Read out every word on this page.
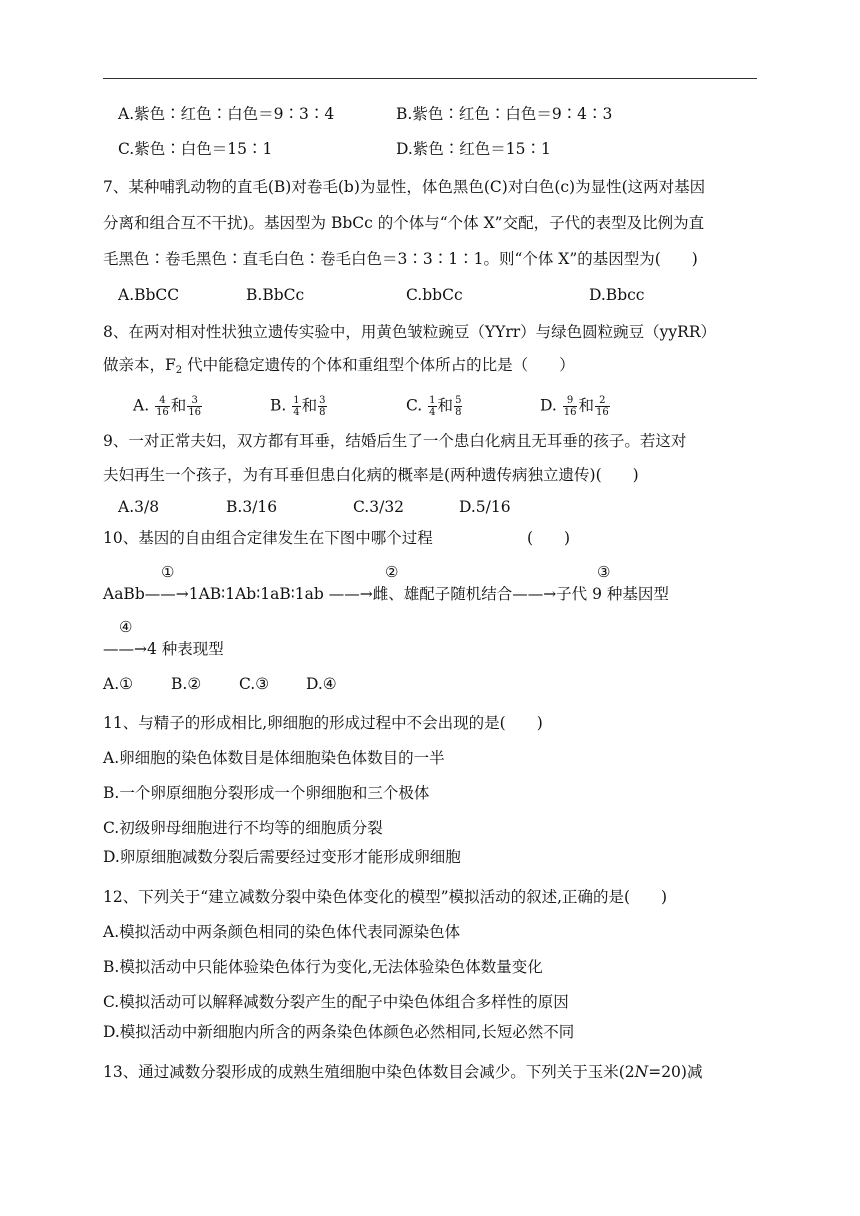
A.紫色∶红色∶白色＝9∶3∶4	B.紫色∶红色∶白色＝9∶4∶3
C.紫色∶白色＝15∶1	D.紫色∶红色＝15∶1
7、某种哺乳动物的直毛(B)对卷毛(b)为显性，体色黑色(C)对白色(c)为显性(这两对基因
分离和组合互不干扰)。基因型为 BbCc 的个体与“个体 X”交配，子代的表型及比例为直
毛黑色∶卷毛黑色∶直毛白色∶卷毛白色＝3∶3∶1∶1。则“个体 X”的基因型为(　　)
A.BbCC	B.BbCc	C.bbCc	D.Bbcc
8、在两对相对性状独立遗传实验中，用黄色皱粒豌豆（YYrr）与绿色圆粒豌豆（yyRR）
做亲本，$F_2$ 代中能稳定遗传的个体和重组型个体所占的比是（　　）
A. $\frac{4}{16}$ 和 $\frac{3}{16}$	B. $\frac{1}{4}$ 和 $\frac{3}{8}$	C. $\frac{1}{4}$ 和 $\frac{5}{8}$	D. $\frac{9}{16}$ 和 $\frac{2}{16}$
9、一对正常夫妇，双方都有耳垂，结婚后生了一个患白化病且无耳垂的孩子。若这对
夫妇再生一个孩子，为有耳垂但患白化病的概率是(两种遗传病独立遗传)(　　)
A.3/8	B.3/16	C.3/32	D.5/16
10、基因的自由组合定律发生在下图中哪个过程	(　　)
①	②	③
AaBb——→1AB∶1Ab∶1aB∶1ab ——→雌、雄配子随机结合——→子代 9 种基因型
④
——→4 种表现型
A.① B.② C.③ D.④
11、与精子的形成相比,卵细胞的形成过程中不会出现的是(　　)
A.卵细胞的染色体数目是体细胞染色体数目的一半
B.一个卵原细胞分裂形成一个卵细胞和三个极体
C.初级卵母细胞进行不均等的细胞质分裂
D.卵原细胞减数分裂后需要经过变形才能形成卵细胞
12、下列关于“建立减数分裂中染色体变化的模型”模拟活动的叙述,正确的是(　　)
A.模拟活动中两条颜色相同的染色体代表同源染色体
B.模拟活动中只能体验染色体行为变化,无法体验染色体数量变化
C.模拟活动可以解释减数分裂产生的配子中染色体组合多样性的原因
D.模拟活动中新细胞内所含的两条染色体颜色必然相同,长短必然不同
13、通过减数分裂形成的成熟生殖细胞中染色体数目会减少。下列关于玉米(2N=20)减
